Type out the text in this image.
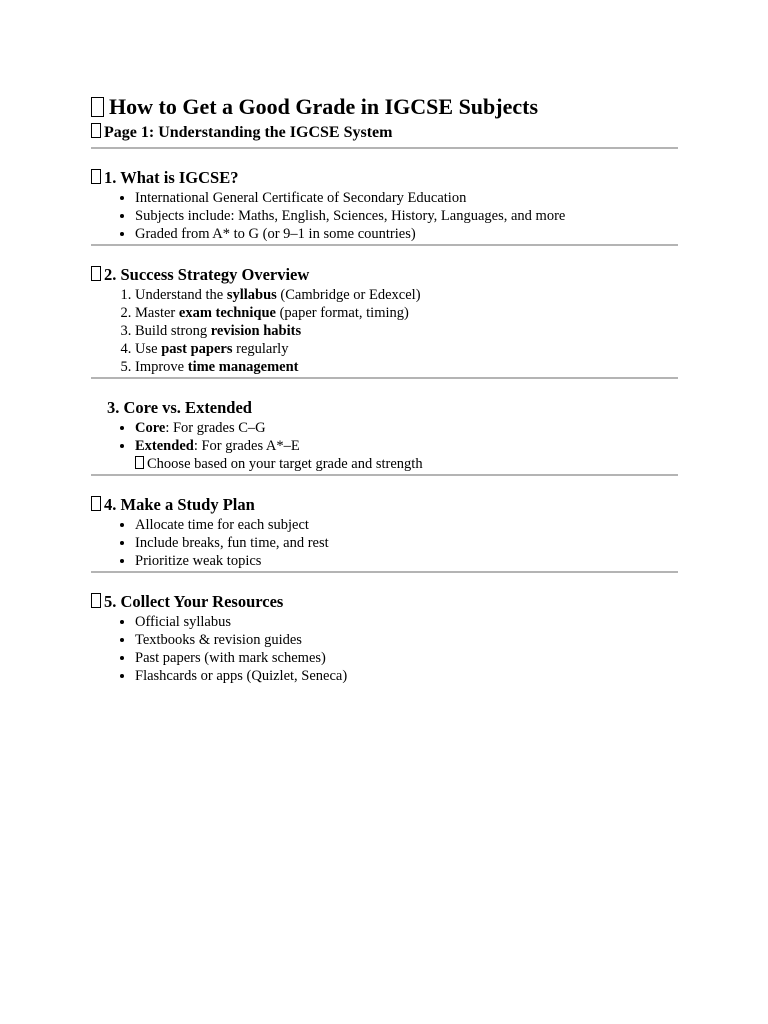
How to Get a Good Grade in IGCSE Subjects
Page 1: Understanding the IGCSE System
1. What is IGCSE?
• International General Certificate of Secondary Education
• Subjects include: Maths, English, Sciences, History, Languages, and more
• Graded from A* to G (or 9–1 in some countries)
2. Success Strategy Overview
1. Understand the syllabus (Cambridge or Edexcel)
2. Master exam technique (paper format, timing)
3. Build strong revision habits
4. Use past papers regularly
5. Improve time management
3. Core vs. Extended
• Core: For grades C–G
• Extended: For grades A*–E
Choose based on your target grade and strength
4. Make a Study Plan
• Allocate time for each subject
• Include breaks, fun time, and rest
• Prioritize weak topics
5. Collect Your Resources
• Official syllabus
• Textbooks & revision guides
• Past papers (with mark schemes)
• Flashcards or apps (Quizlet, Seneca)
